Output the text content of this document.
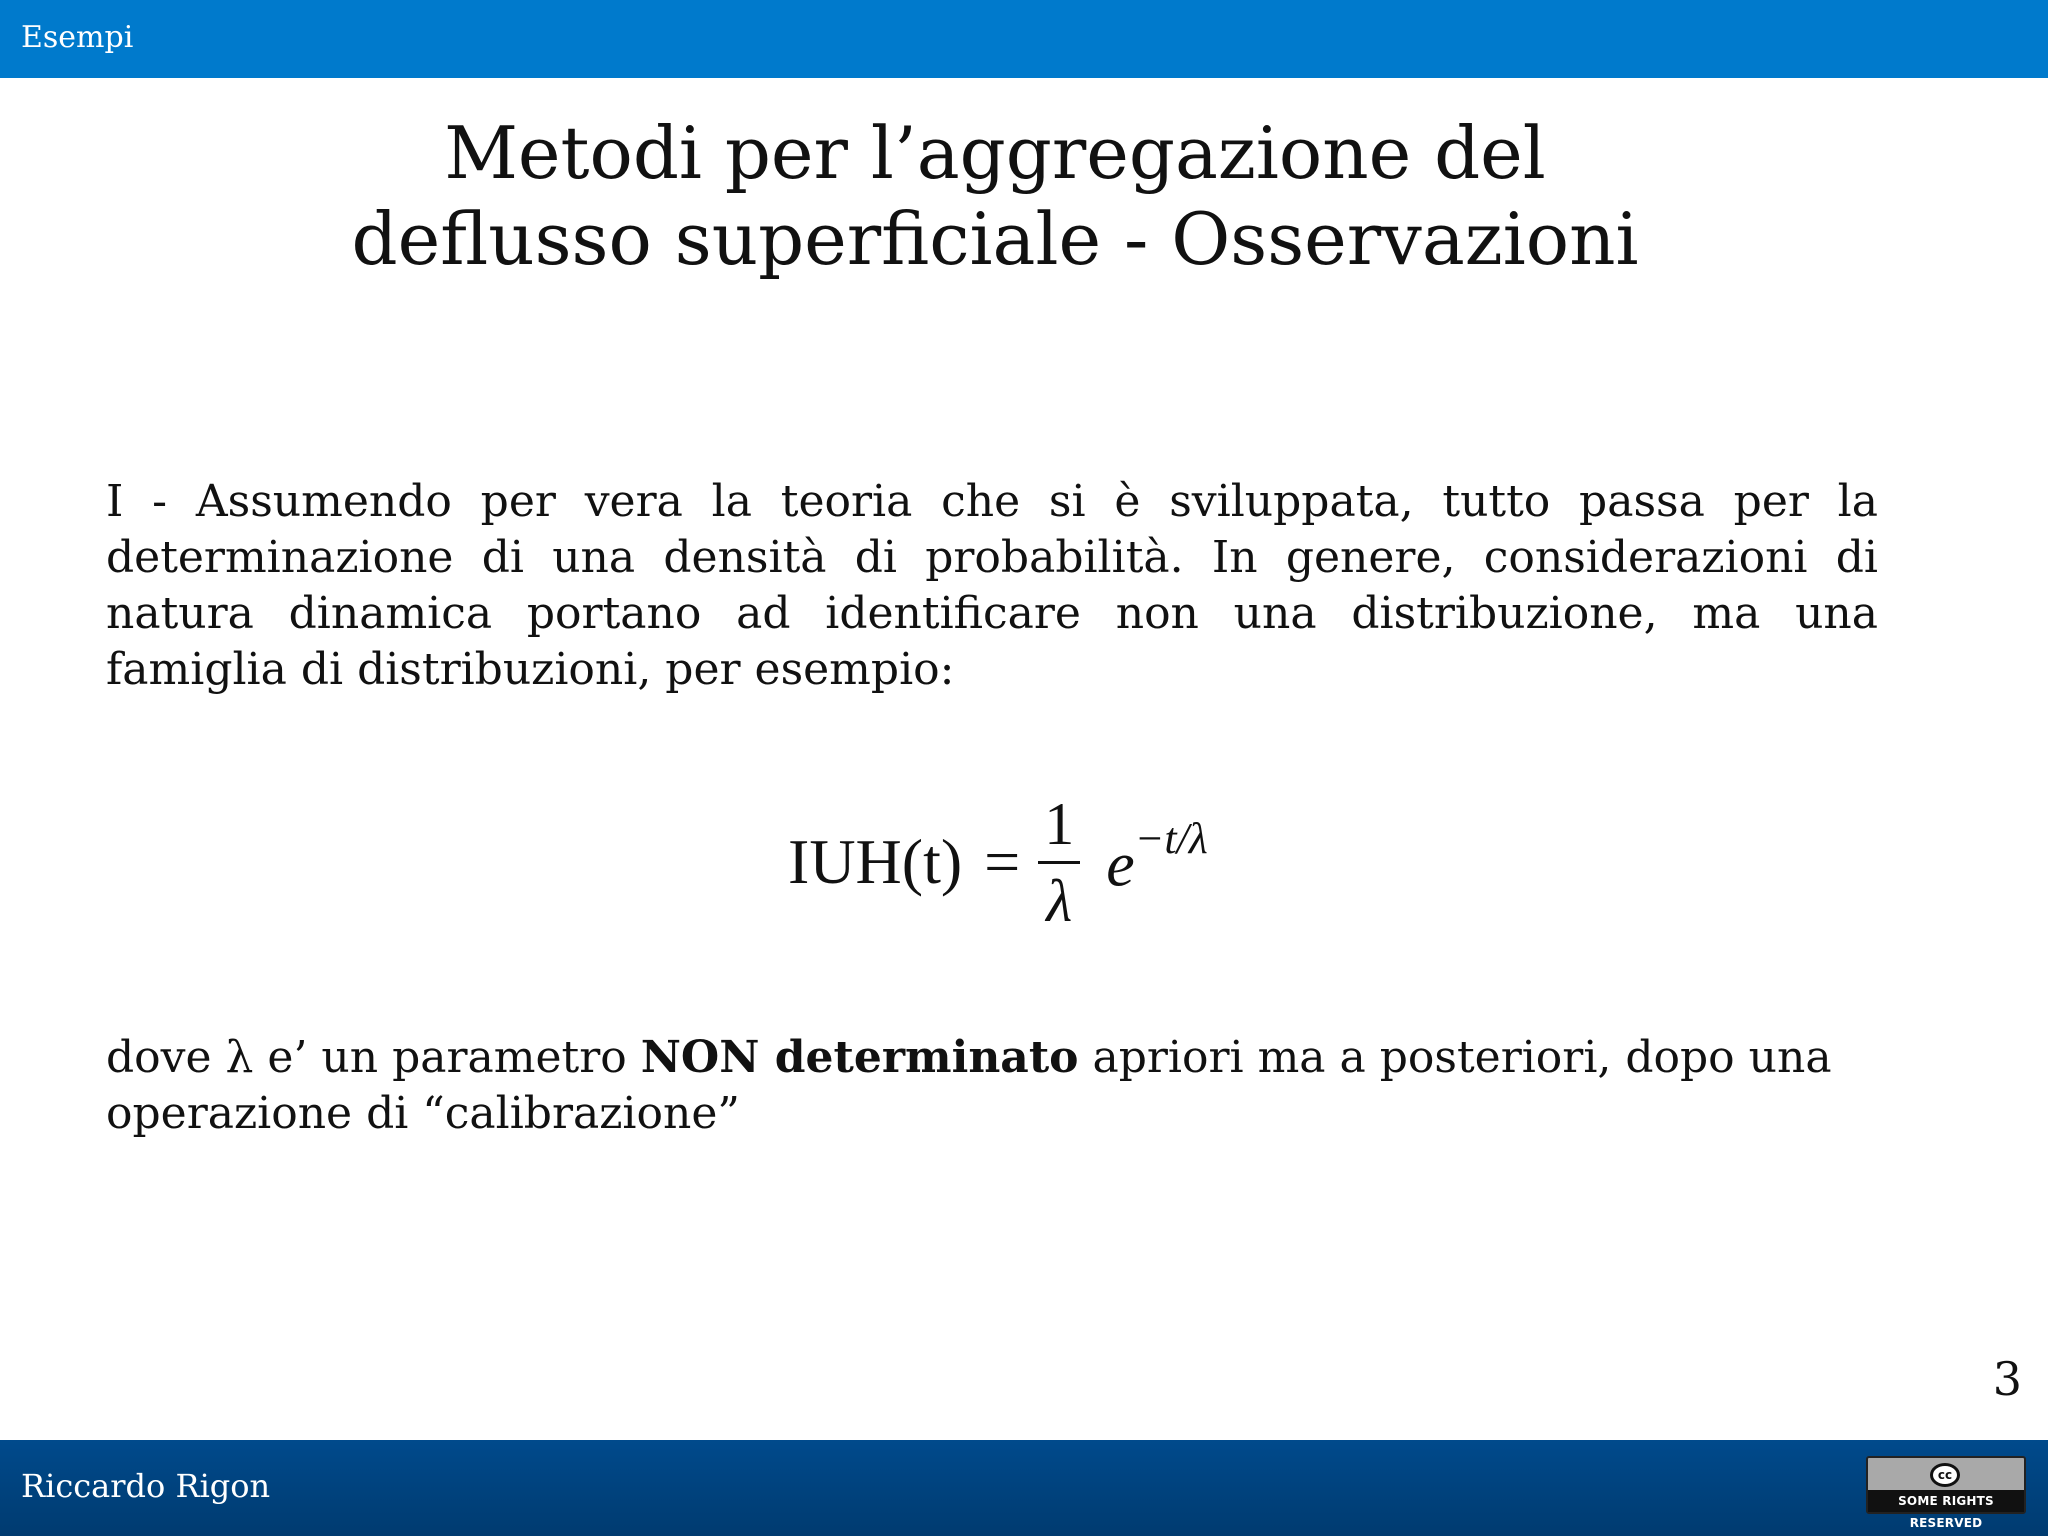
Esempi
Metodi per l’aggregazione del
deflusso superficiale - Osservazioni
I - Assumendo per vera la teoria che si è sviluppata, tutto passa per la determinazione di una densità di probabilità. In genere, considerazioni di natura dinamica portano ad identificare non una distribuzione, ma una famiglia di distribuzioni, per esempio:
$IUH(t) = \frac{1}{\lambda} e^{-t/\lambda}$
dove λ e’ un parametro NON determinato apriori ma a posteriori, dopo una operazione di “calibrazione”
3
Riccardo Rigon	cc
SOME RIGHTS RESERVED
